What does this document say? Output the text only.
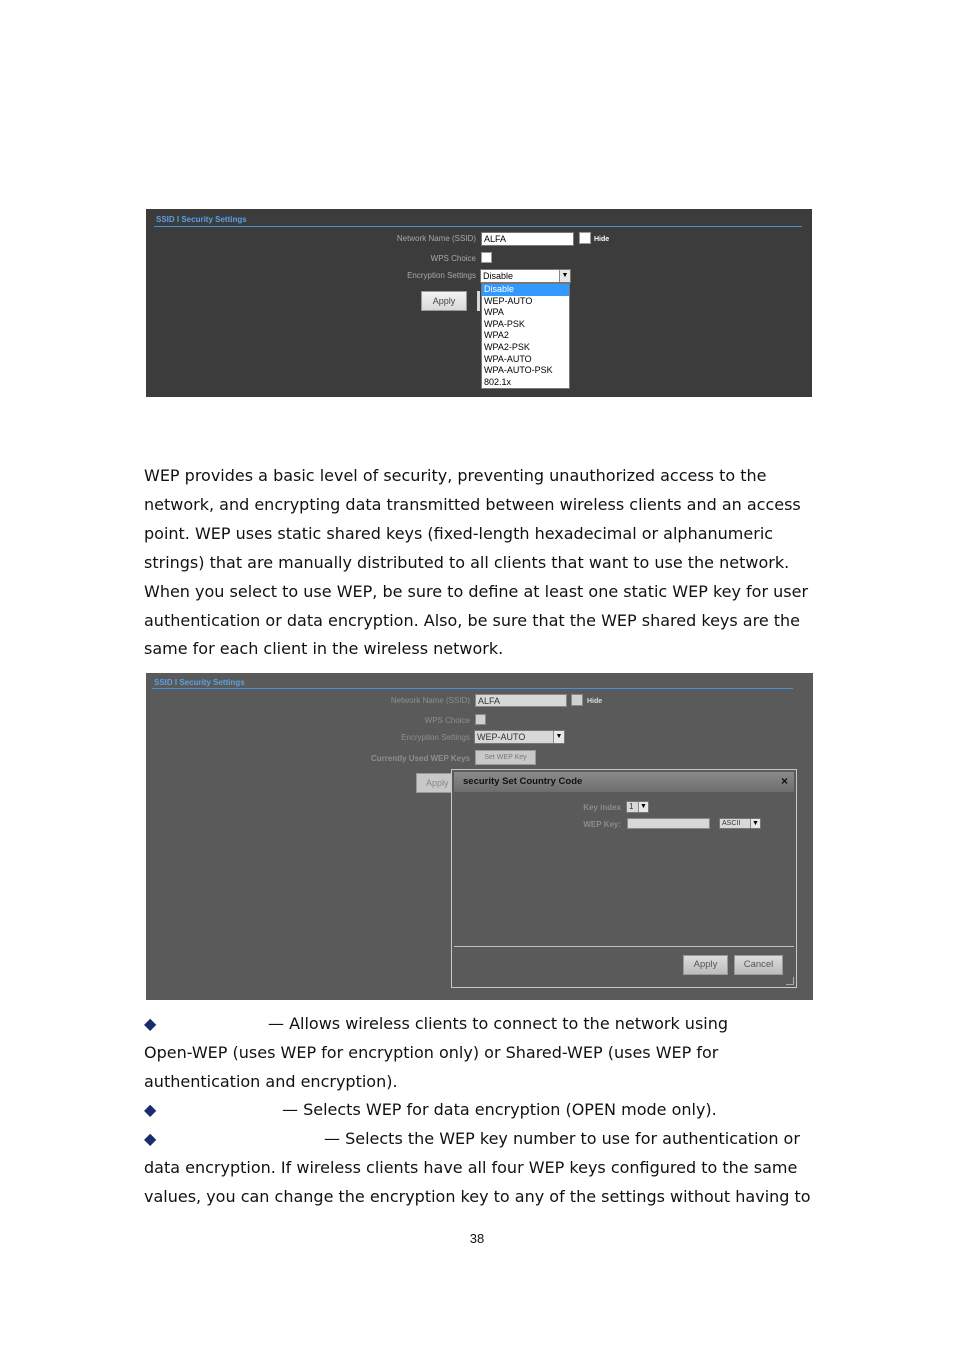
SSID I Security Settings
Network Name (SSID) ALFA	Hide
WPS Choice
Encryption Settings Disable	▼
Apply
Disable
WEP-AUTO
WPA
WPA-PSK
WPA2
WPA2-PSK
WPA-AUTO
WPA-AUTO-PSK
802.1x
WEP provides a basic level of security, preventing unauthorized access to the
network, and encrypting data transmitted between wireless clients and an access
point. WEP uses static shared keys (fixed-length hexadecimal or alphanumeric
strings) that are manually distributed to all clients that want to use the network.
When you select to use WEP, be sure to define at least one static WEP key for user
authentication or data encryption. Also, be sure that the WEP shared keys are the
same for each client in the wireless network.
SSID I Security Settings
Network Name (SSID) ALFA	Hide
WPS Choice
Encryption Settings WEP-AUTO	▼
Currently Used WEP Keys	Set WEP Key
Apply	security Set Country Code	×
Key index	1 ▼
WEP Key:	ASCII ▼
Apply	Cancel
◆	— Allows wireless clients to connect to the network using
Open-WEP (uses WEP for encryption only) or Shared-WEP (uses WEP for
authentication and encryption).
◆	— Selects WEP for data encryption (OPEN mode only).
◆	— Selects the WEP key number to use for authentication or
data encryption. If wireless clients have all four WEP keys configured to the same
values, you can change the encryption key to any of the settings without having to
38
